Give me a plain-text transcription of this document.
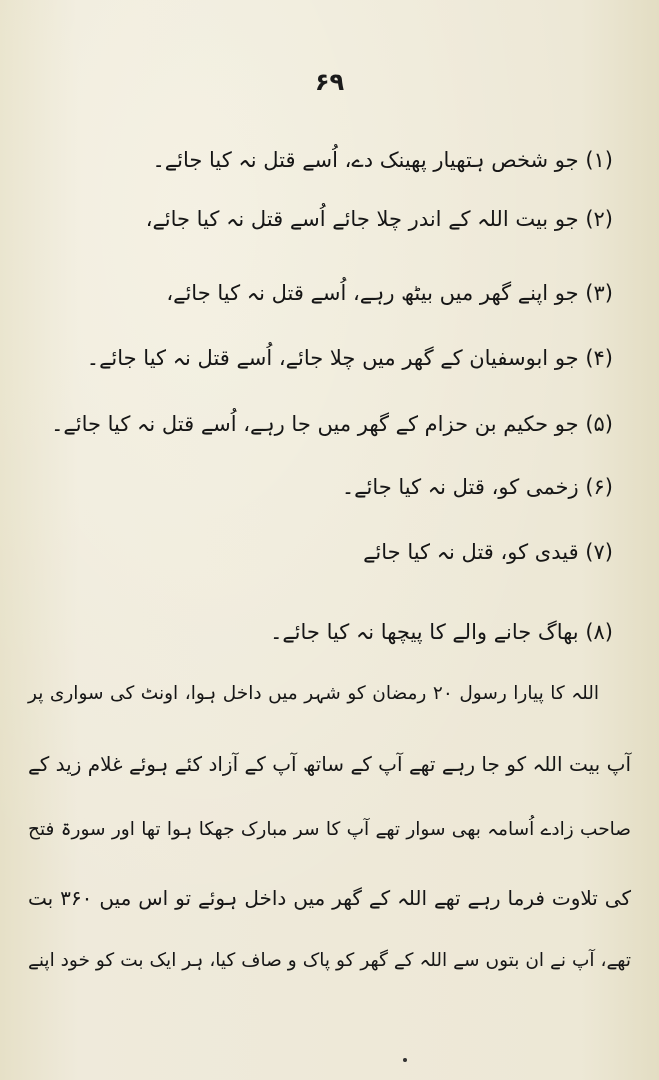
۶۹
(۱) جو شخص ہتھیار پھینک دے، اُسے قتل نہ کیا جائے۔
(۲) جو بیت اللہ کے اندر چلا جائے اُسے قتل نہ کیا جائے،
(۳) جو اپنے گھر میں بیٹھ رہے، اُسے قتل نہ کیا جائے،
(۴) جو ابوسفیان کے گھر میں چلا جائے، اُسے قتل نہ کیا جائے۔
(۵) جو حکیم بن حزام کے گھر میں جا رہے، اُسے قتل نہ کیا جائے۔
(۶) زخمی کو، قتل نہ کیا جائے۔
(۷) قیدی کو، قتل نہ کیا جائے
(۸) بھاگ جانے والے کا پیچھا نہ کیا جائے۔
اللہ کا پیارا رسول ۲۰ رمضان کو شہر میں داخل ہوا، اونٹ کی سواری پر
آپ بیت اللہ کو جا رہے تھے آپ کے ساتھ آپ کے آزاد کئے ہوئے غلام زید کے
صاحب زادے اُسامہ بھی سوار تھے آپ کا سر مبارک جھکا ہوا تھا اور سورۃ فتح
کی تلاوت فرما رہے تھے اللہ کے گھر میں داخل ہوئے تو اس میں ۳۶۰ بت
تھے، آپ نے ان بتوں سے اللہ کے گھر کو پاک و صاف کیا، ہر ایک بت کو خود اپنے
